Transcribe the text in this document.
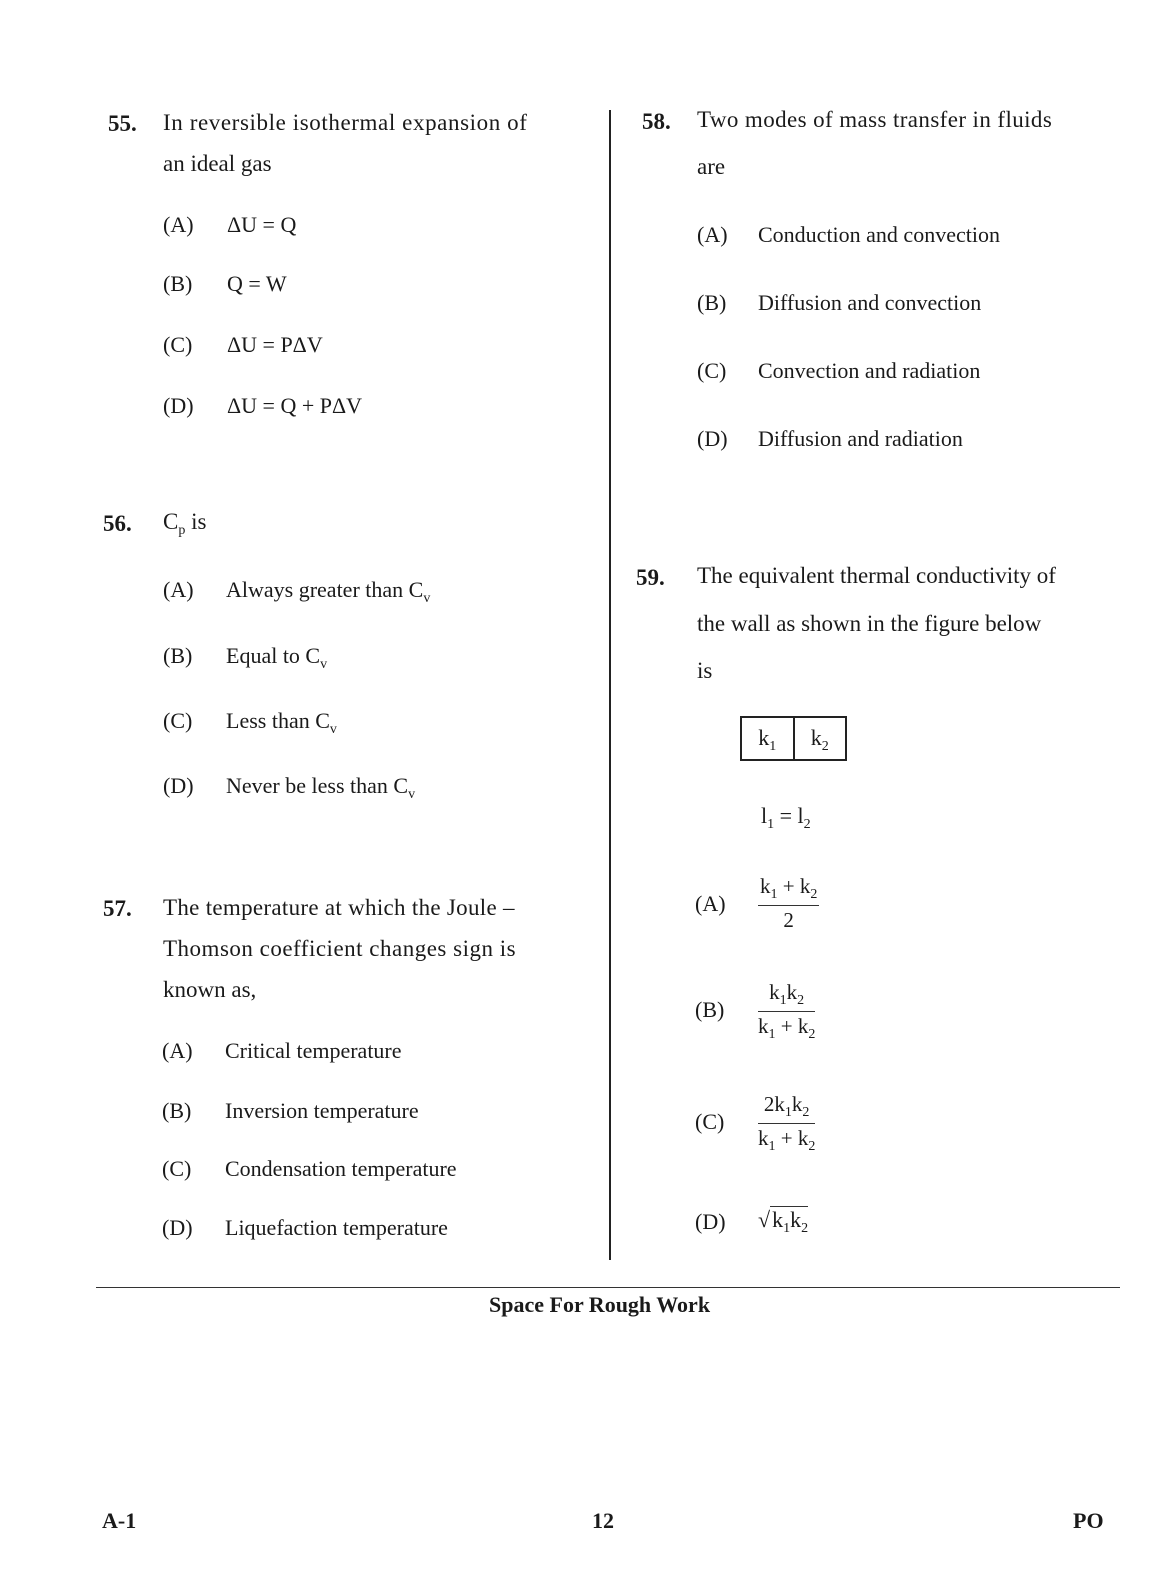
55. In reversible isothermal expansion of
an ideal gas
(A) ΔU = Q
(B) Q = W
(C) ΔU = PΔV
(D) ΔU = Q + PΔV
56. $C_p$ is
(A) Always greater than $C_v$
(B) Equal to $C_v$
(C) Less than $C_v$
(D) Never be less than $C_v$
57. The temperature at which the Joule –
Thomson coefficient changes sign is
known as,
(A) Critical temperature
(B) Inversion temperature
(C) Condensation temperature
(D) Liquefaction temperature
58. Two modes of mass transfer in fluids
are
(A) Conduction and convection
(B) Diffusion and convection
(C) Convection and radiation
(D) Diffusion and radiation
59. The equivalent thermal conductivity of
the wall as shown in the figure below
is
$k_1$	$k_2$
$l_1 = l_2$
$(A) \frac{k_1 + k_2}{2}$
$(B) \frac{k_1k_2}{k_1 + k_2}$
$(C) \frac{2k_1k_2}{k_1 + k_2}$
(D) $√k_1k_2$
Space For Rough Work
A-1	12	PO
